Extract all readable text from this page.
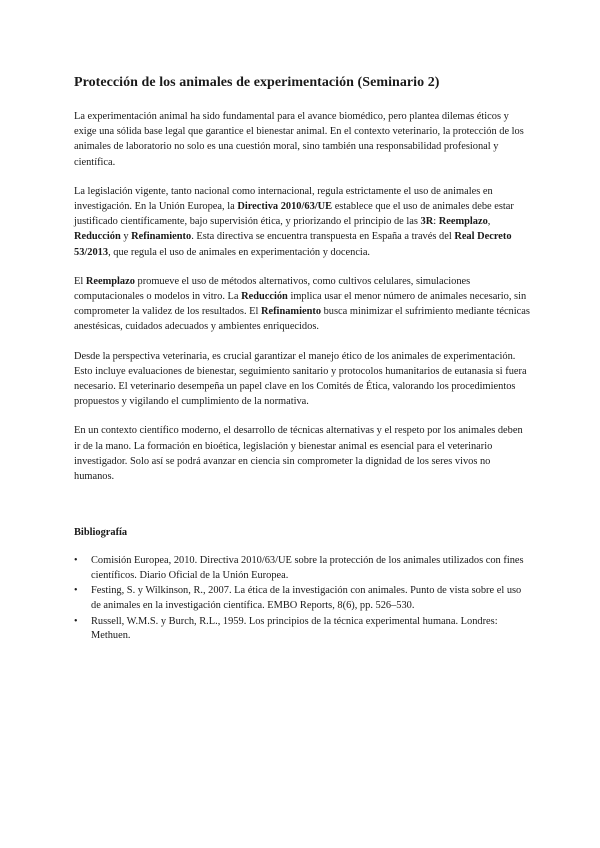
Protección de los animales de experimentación (Seminario 2)

La experimentación animal ha sido fundamental para el avance biomédico, pero plantea dilemas éticos y exige una sólida base legal que garantice el bienestar animal. En el contexto veterinario, la protección de los animales de laboratorio no solo es una cuestión moral, sino también una responsabilidad profesional y científica.

La legislación vigente, tanto nacional como internacional, regula estrictamente el uso de animales en investigación. En la Unión Europea, la Directiva 2010/63/UE establece que el uso de animales debe estar justificado científicamente, bajo supervisión ética, y priorizando el principio de las 3R: Reemplazo, Reducción y Refinamiento. Esta directiva se encuentra transpuesta en España a través del Real Decreto 53/2013, que regula el uso de animales en experimentación y docencia.

El Reemplazo promueve el uso de métodos alternativos, como cultivos celulares, simulaciones computacionales o modelos in vitro. La Reducción implica usar el menor número de animales necesario, sin comprometer la validez de los resultados. El Refinamiento busca minimizar el sufrimiento mediante técnicas anestésicas, cuidados adecuados y ambientes enriquecidos.

Desde la perspectiva veterinaria, es crucial garantizar el manejo ético de los animales de experimentación. Esto incluye evaluaciones de bienestar, seguimiento sanitario y protocolos humanitarios de eutanasia si fuera necesario. El veterinario desempeña un papel clave en los Comités de Ética, valorando los procedimientos propuestos y vigilando el cumplimiento de la normativa.

En un contexto científico moderno, el desarrollo de técnicas alternativas y el respeto por los animales deben ir de la mano. La formación en bioética, legislación y bienestar animal es esencial para el veterinario investigador. Solo así se podrá avanzar en ciencia sin comprometer la dignidad de los seres vivos no humanos.

Bibliografía
• Comisión Europea, 2010. Directiva 2010/63/UE sobre la protección de los animales utilizados con fines científicos. Diario Oficial de la Unión Europea.
• Festing, S. y Wilkinson, R., 2007. La ética de la investigación con animales. Punto de vista sobre el uso de animales en la investigación científica. EMBO Reports, 8(6), pp. 526–530.
• Russell, W.M.S. y Burch, R.L., 1959. Los principios de la técnica experimental humana. Londres: Methuen.
